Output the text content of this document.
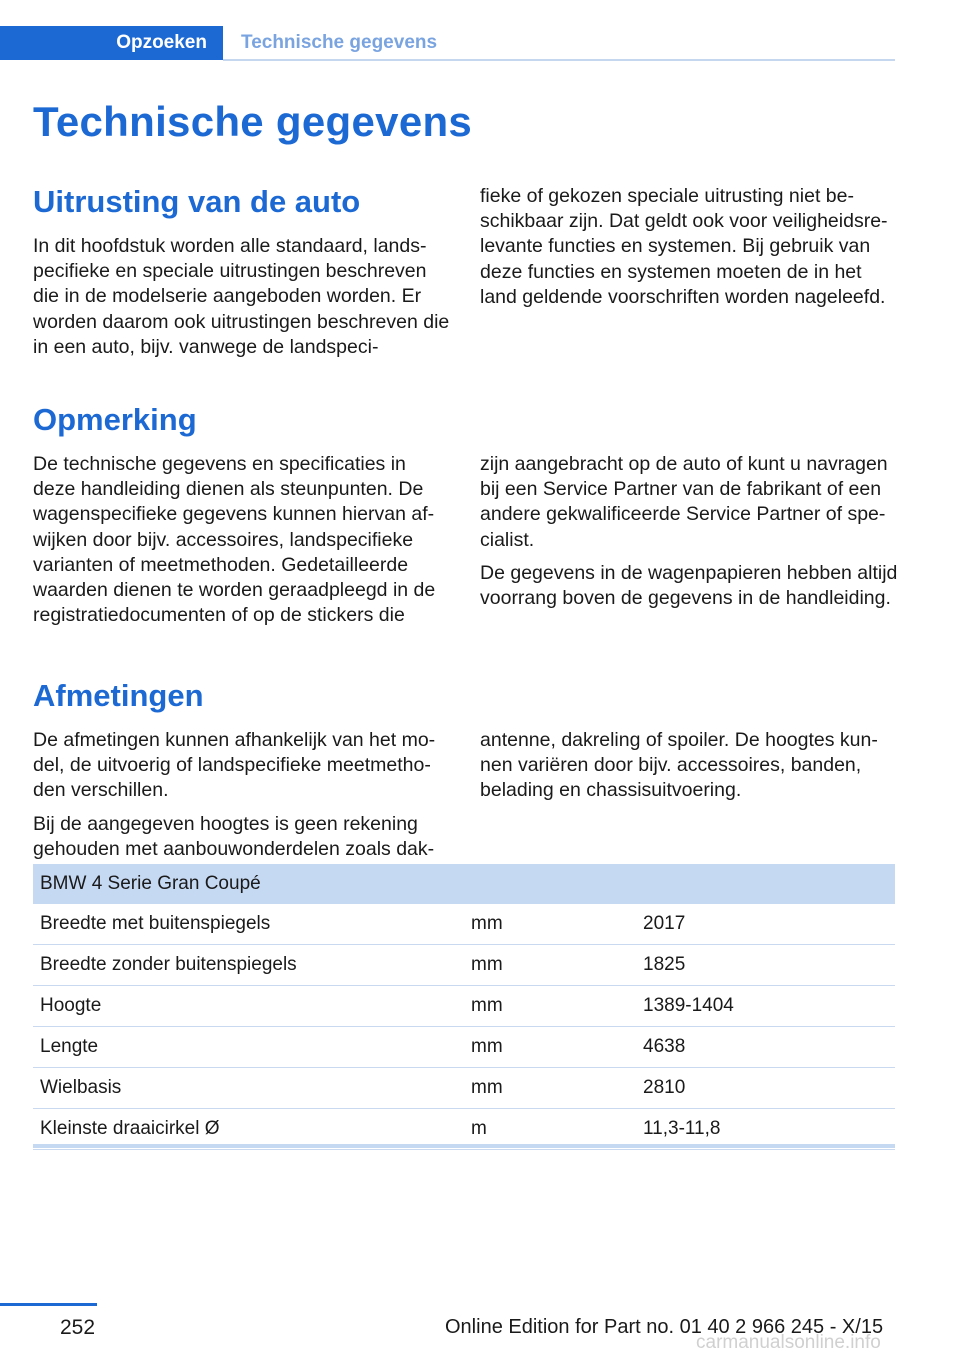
Opzoeken	Technische gegevens
Technische gegevens
Uitrusting van de auto

In dit hoofdstuk worden alle standaard, landspecifieke en speciale uitrustingen beschreven die in de modelserie aangeboden worden. Er worden daarom ook uitrustingen beschreven die in een auto, bijv. vanwege de landspeci-

fieke of gekozen speciale uitrusting niet beschikbaar zijn. Dat geldt ook voor veiligheidsrelevante functies en systemen. Bij gebruik van deze functies en systemen moeten de in het land geldende voorschriften worden nageleefd.

Opmerking

De technische gegevens en specificaties in deze handleiding dienen als steunpunten. De wagenspecifieke gegevens kunnen hiervan afwijken door bijv. accessoires, landspecifieke varianten of meetmethoden. Gedetailleerde waarden dienen te worden geraadpleegd in de registratiedocumenten of op de stickers die

zijn aangebracht op de auto of kunt u navragen bij een Service Partner van de fabrikant of een andere gekwalificeerde Service Partner of specialist.

De gegevens in de wagenpapieren hebben altijd voorrang boven de gegevens in de handleiding.

Afmetingen

De afmetingen kunnen afhankelijk van het model, de uitvoerig of landspecifieke meetmethoden verschillen.

Bij de aangegeven hoogtes is geen rekening gehouden met aanbouwonderdelen zoals dak-

antenne, dakreling of spoiler. De hoogtes kunnen variëren door bijv. accessoires, banden, belading en chassisuitvoering.

BMW 4 Serie Gran Coupé		
Breedte met buitenspiegels	mm	2017
Breedte zonder buitenspiegels	mm	1825
Hoogte	mm	1389-1404
Lengte	mm	4638
Wielbasis	mm	2810
Kleinste draaicirkel Ø	m	11,3-11,8
252	Online Edition for Part no. 01 40 2 966 245 - X/15
carmanualsonline.info
